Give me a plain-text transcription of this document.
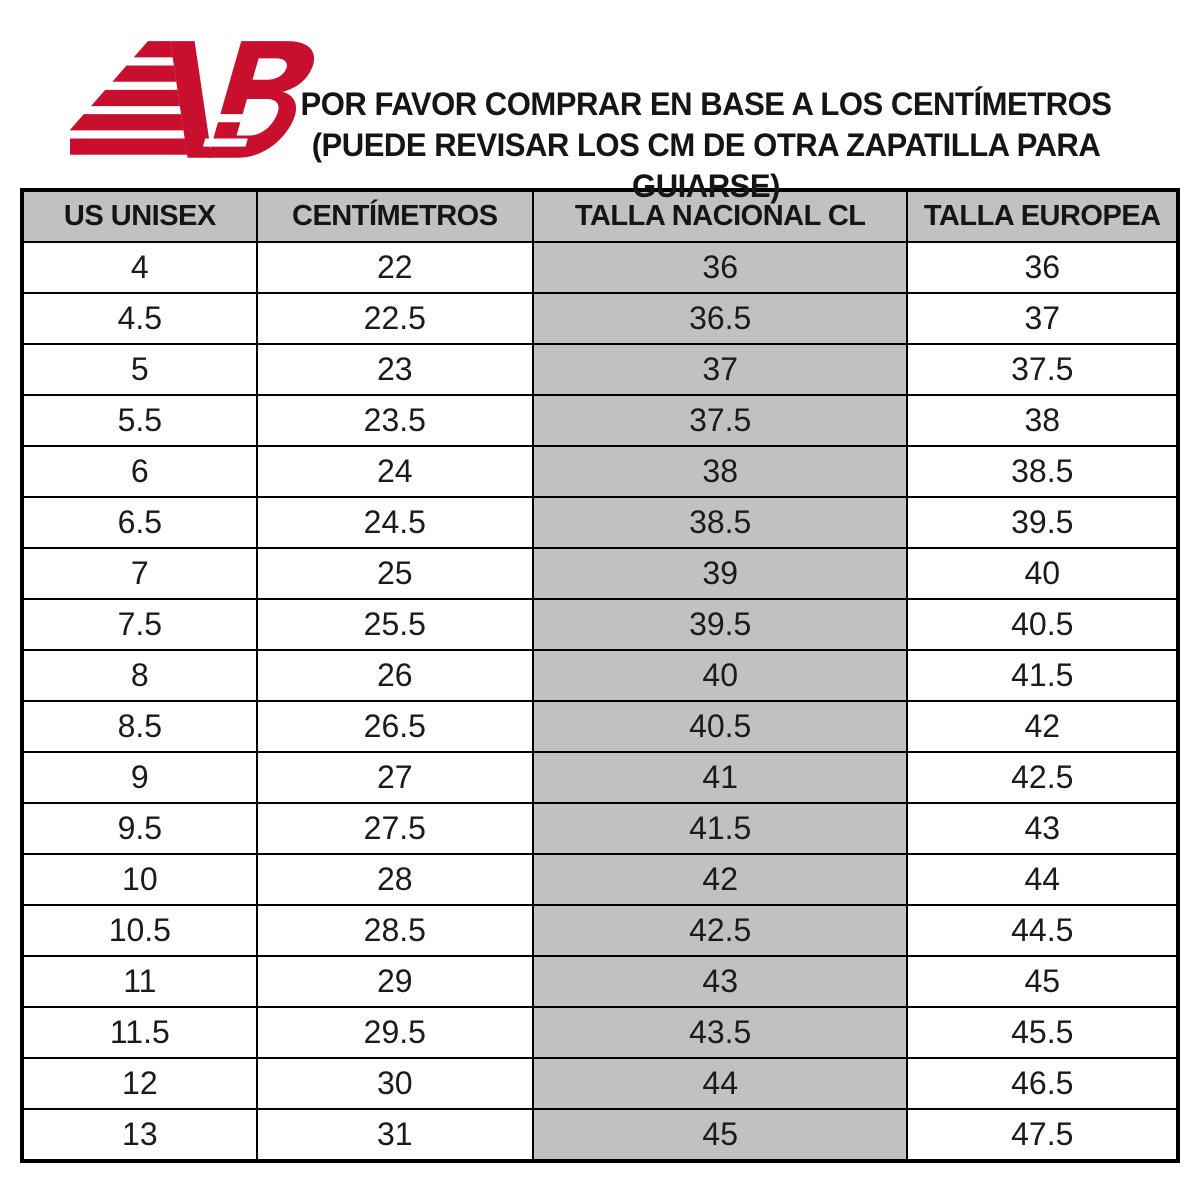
POR FAVOR COMPRAR EN BASE A LOS CENTÍMETROS
(PUEDE REVISAR LOS CM DE OTRA ZAPATILLA PARA GUIARSE)
US UNISEX	CENTÍMETROS	TALLA NACIONAL CL	TALLA EUROPEA
4	22	36	36
4.5	22.5	36.5	37
5	23	37	37.5
5.5	23.5	37.5	38
6	24	38	38.5
6.5	24.5	38.5	39.5
7	25	39	40
7.5	25.5	39.5	40.5
8	26	40	41.5
8.5	26.5	40.5	42
9	27	41	42.5
9.5	27.5	41.5	43
10	28	42	44
10.5	28.5	42.5	44.5
11	29	43	45
11.5	29.5	43.5	45.5
12	30	44	46.5
13	31	45	47.5
